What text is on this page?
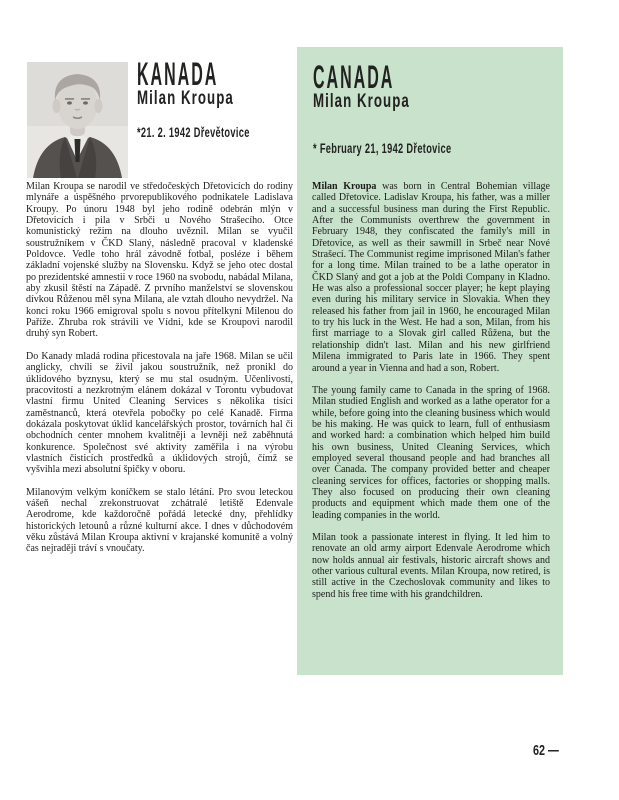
KANADA
Milan Kroupa
*21. 2. 1942 Dřevětovice

Milan Kroupa se narodil ve středočeských Dřetovicích do rodiny mlynáře a úspěšného prvorepublikového podnikatele Ladislava Kroupy. Po únoru 1948 byl jeho rodině odebrán mlýn v Dřetovicích i pila v Srbči u Nového Strašecího. Otce komunistický režim na dlouho uvěznil. Milan se vyučil soustružníkem v ČKD Slaný, následně pracoval v kladenské Poldovce. Vedle toho hrál závodně fotbal, posléze i během základní vojenské služby na Slovensku. Když se jeho otec dostal po prezidentské amnestii v roce 1960 na svobodu, nabádal Milana, aby zkusil štěstí na Západě. Z prvního manželství se slovenskou dívkou Růženou měl syna Milana, ale vztah dlouho nevydržel. Na konci roku 1966 emigroval spolu s novou přítelkyní Milenou do Paříže. Zhruba rok strávili ve Vídni, kde se Kroupovi narodil druhý syn Robert.

Do Kanady mladá rodina přicestovala na jaře 1968. Milan se učil anglicky, chvíli se živil jakou soustružník, než pronikl do úklidového byznysu, který se mu stal osudným. Učenlivostí, pracovitostí a nezkrotným elánem dokázal v Torontu vybudovat vlastní firmu United Cleaning Services s několika tisíci zaměstnanců, která otevřela pobočky po celé Kanadě. Firma dokázala poskytovat úklid kancelářských prostor, továrních hal či obchodních center mnohem kvalitněji a levněji než zaběhnutá konkurence. Společnost své aktivity zaměřila i na výrobu vlastních čisticích prostředků a úklidových strojů, čímž se vyšvihla mezi absolutní špičky v oboru.

Milanovým velkým koníčkem se stalo létání. Pro svou leteckou vášeň nechal zrekonstruovat zchátralé letiště Edenvale Aerodrome, kde každoročně pořádá letecké dny, přehlídky historických letounů a různé kulturní akce. I dnes v důchodovém věku zůstává Milan Kroupa aktivní v krajanské komunitě a volný čas nejraději tráví s vnoučaty.

CANADA
Milan Kroupa
* February 21, 1942 Dřetovice

Milan Kroupa was born in Central Bohemian village called Dřetovice. Ladislav Kroupa, his father, was a miller and a successful business man during the First Republic. After the Communists overthrew the government in February 1948, they confiscated the family's mill in Dřetovice, as well as their sawmill in Srbeč near Nové Strašecí. The Communist regime imprisoned Milan's father for a long time. Milan trained to be a lathe operator in ČKD Slaný and got a job at the Poldi Company in Kladno. He was also a professional soccer player; he kept playing even during his military service in Slovakia. When they released his father from jail in 1960, he encouraged Milan to try his luck in the West. He had a son, Milan, from his first marriage to a Slovak girl called Růžena, but the relationship didn't last. Milan and his new girlfriend Milena immigrated to Paris late in 1966. They spent around a year in Vienna and had a son, Robert.

The young family came to Canada in the spring of 1968. Milan studied English and worked as a lathe operator for a while, before going into the cleaning business which would be his making. He was quick to learn, full of enthusiasm and worked hard: a combination which helped him build his own business, United Cleaning Services, which employed several thousand people and had branches all over Canada. The company provided better and cheaper cleaning services for offices, factories or shopping malls. They also focused on producing their own cleaning products and equipment which made them one of the leading companies in the world.

Milan took a passionate interest in flying. It led him to renovate an old army airport Edenvale Aerodrome which now holds annual air festivals, historic aircraft shows and other various cultural events. Milan Kroupa, now retired, is still active in the Czechoslovak community and likes to spend his free time with his grandchildren.

62 —
